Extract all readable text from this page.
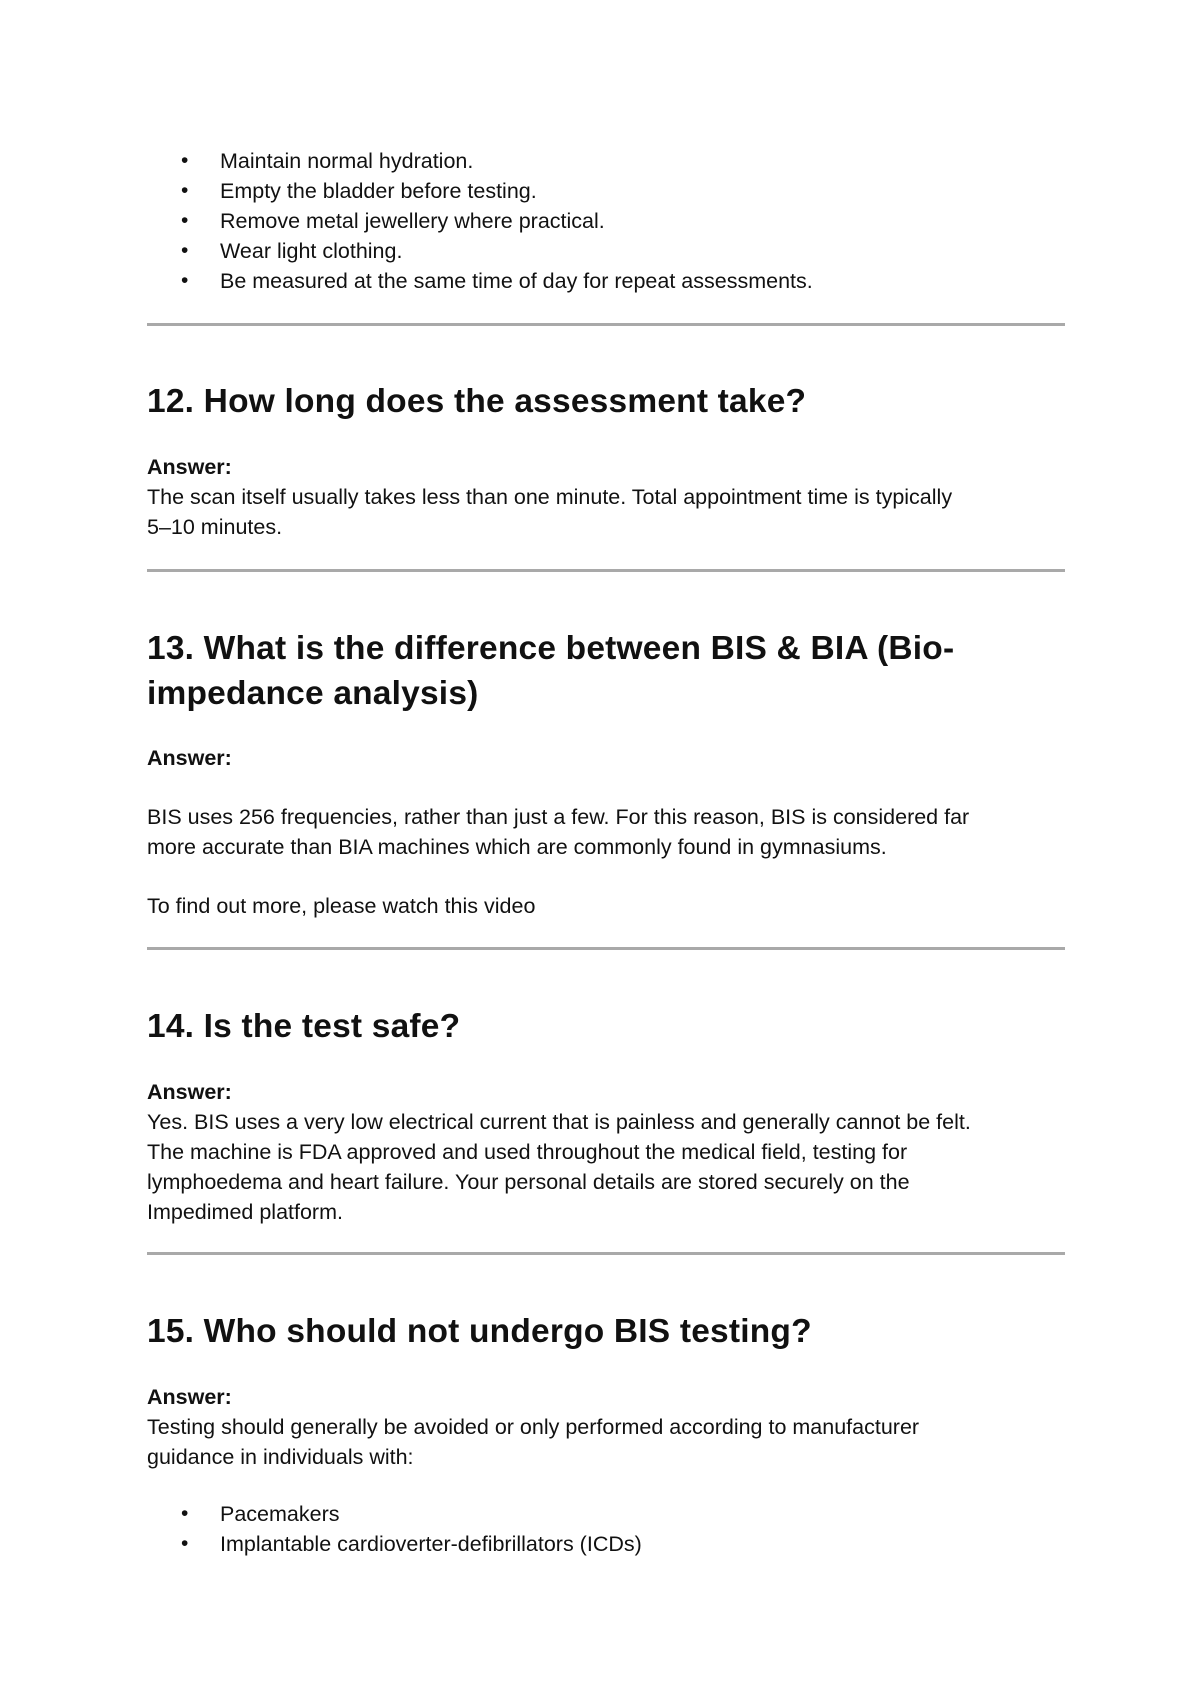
• Maintain normal hydration.
• Empty the bladder before testing.
• Remove metal jewellery where practical.
• Wear light clothing.
• Be measured at the same time of day for repeat assessments.
12. How long does the assessment take?
Answer:

The scan itself usually takes less than one minute. Total appointment time is typically
5–10 minutes.

13. What is the difference between BIS & BIA (Bio-
impedance analysis)
Answer:

BIS uses 256 frequencies, rather than just a few. For this reason, BIS is considered far
more accurate than BIA machines which are commonly found in gymnasiums.

To find out more, please watch this video

14. Is the test safe?
Answer:

Yes. BIS uses a very low electrical current that is painless and generally cannot be felt.
The machine is FDA approved and used throughout the medical field, testing for
lymphoedema and heart failure. Your personal details are stored securely on the
Impedimed platform.

15. Who should not undergo BIS testing?
Answer:

Testing should generally be avoided or only performed according to manufacturer
guidance in individuals with:

• Pacemakers
• Implantable cardioverter-defibrillators (ICDs)
